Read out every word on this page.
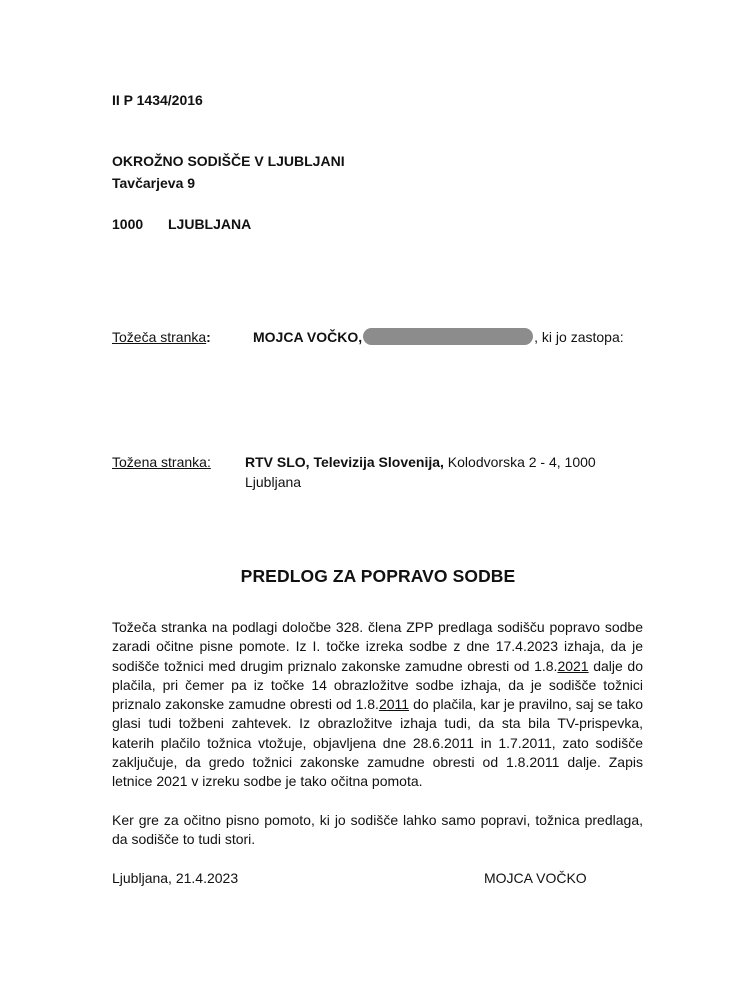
II P 1434/2016
OKROŽNO SODIŠČE V LJUBLJANI
Tavčarjeva 9
1000 LJUBLJANA
Tožeča stranka:	MOJCA VOČKO,	, ki jo zastopa:
Tožena stranka: RTV SLO, Televizija Slovenija, Kolodvorska 2 - 4, 1000
Ljubljana
PREDLOG ZA POPRAVO SODBE
Tožeča stranka na podlagi določbe 328. člena ZPP predlaga sodišču popravo sodbe zaradi očitne pisne pomote. Iz I. točke izreka sodbe z dne 17.4.2023 izhaja, da je sodišče tožnici med drugim priznalo zakonske zamudne obresti od 1.8.2021 dalje do plačila, pri čemer pa iz točke 14 obrazložitve sodbe izhaja, da je sodišče tožnici priznalo zakonske zamudne obresti od 1.8.2011 do plačila, kar je pravilno, saj se tako glasi tudi tožbeni zahtevek. Iz obrazložitve izhaja tudi, da sta bila TV-prispevka, katerih plačilo tožnica vtožuje, objavljena dne 28.6.2011 in 1.7.2011, zato sodišče zaključuje, da gredo tožnici zakonske zamudne obresti od 1.8.2011 dalje. Zapis letnice 2021 v izreku sodbe je tako očitna pomota.
Ker gre za očitno pisno pomoto, ki jo sodišče lahko samo popravi, tožnica predlaga, da sodišče to tudi stori.
Ljubljana, 21.4.2023	MOJCA VOČKO
